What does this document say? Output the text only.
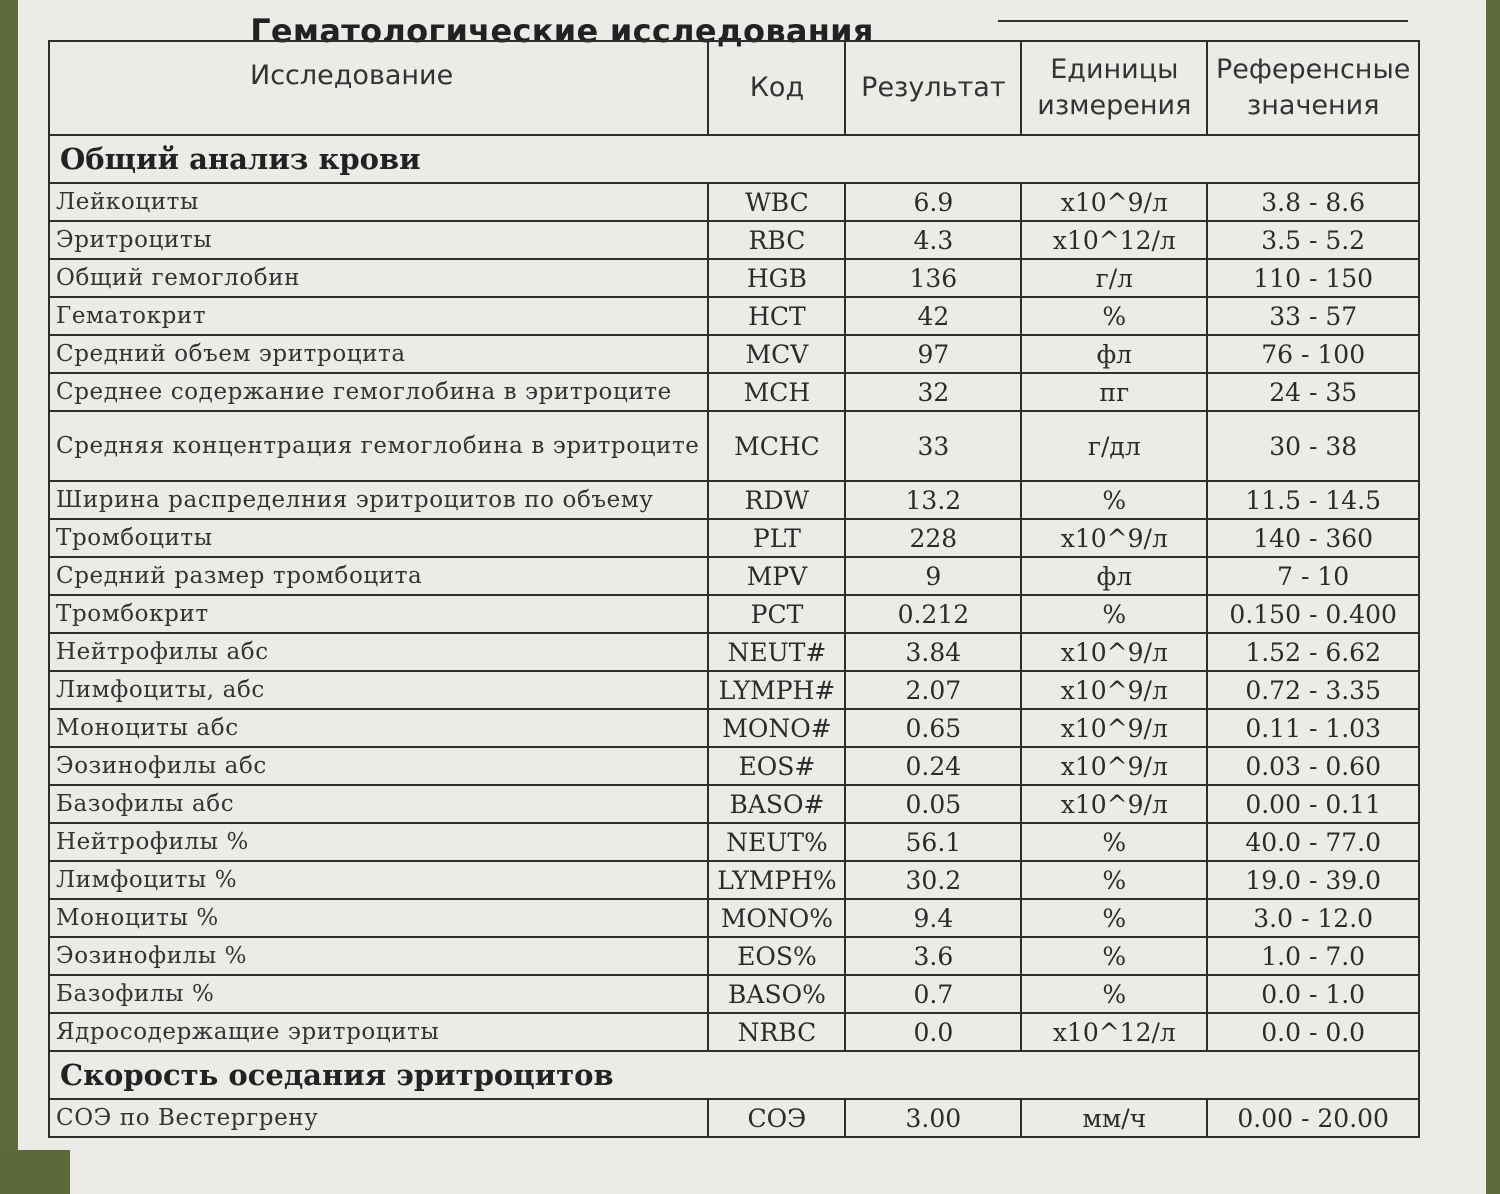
Гематологические исследования
Исследование	Код	Результат	Единицы измерения	Референсные значения
Общий анализ крови				
Лейкоциты	WBC	6.9	x10^9/л	3.8 - 8.6
Эритроциты	RBC	4.3	x10^12/л	3.5 - 5.2
Общий гемоглобин	HGB	136	г/л	110 - 150
Гематокрит	HCT	42	%	33 - 57
Средний объем эритроцита	MCV	97	фл	76 - 100
Среднее содержание гемоглобина в эритроците	MCH	32	пг	24 - 35
Средняя концентрация гемоглобина в эритроците	MCHC	33	г/дл	30 - 38
Ширина распределния эритроцитов по объему	RDW	13.2	%	11.5 - 14.5
Тромбоциты	PLT	228	x10^9/л	140 - 360
Средний размер тромбоцита	MPV	9	фл	7 - 10
Тромбокрит	PCT	0.212	%	0.150 - 0.400
Нейтрофилы абс	NEUT#	3.84	x10^9/л	1.52 - 6.62
Лимфоциты, абс	LYMPH#	2.07	x10^9/л	0.72 - 3.35
Моноциты абс	MONO#	0.65	x10^9/л	0.11 - 1.03
Эозинофилы абс	EOS#	0.24	x10^9/л	0.03 - 0.60
Базофилы абс	BASO#	0.05	x10^9/л	0.00 - 0.11
Нейтрофилы %	NEUT%	56.1	%	40.0 - 77.0
Лимфоциты %	LYMPH%	30.2	%	19.0 - 39.0
Моноциты %	MONO%	9.4	%	3.0 - 12.0
Эозинофилы %	EOS%	3.6	%	1.0 - 7.0
Базофилы %	BASO%	0.7	%	0.0 - 1.0
Ядросодержащие эритроциты	NRBC	0.0	x10^12/л	0.0 - 0.0
Скорость оседания эритроцитов				
СОЭ по Вестергрену	СОЭ	3.00	мм/ч	0.00 - 20.00
